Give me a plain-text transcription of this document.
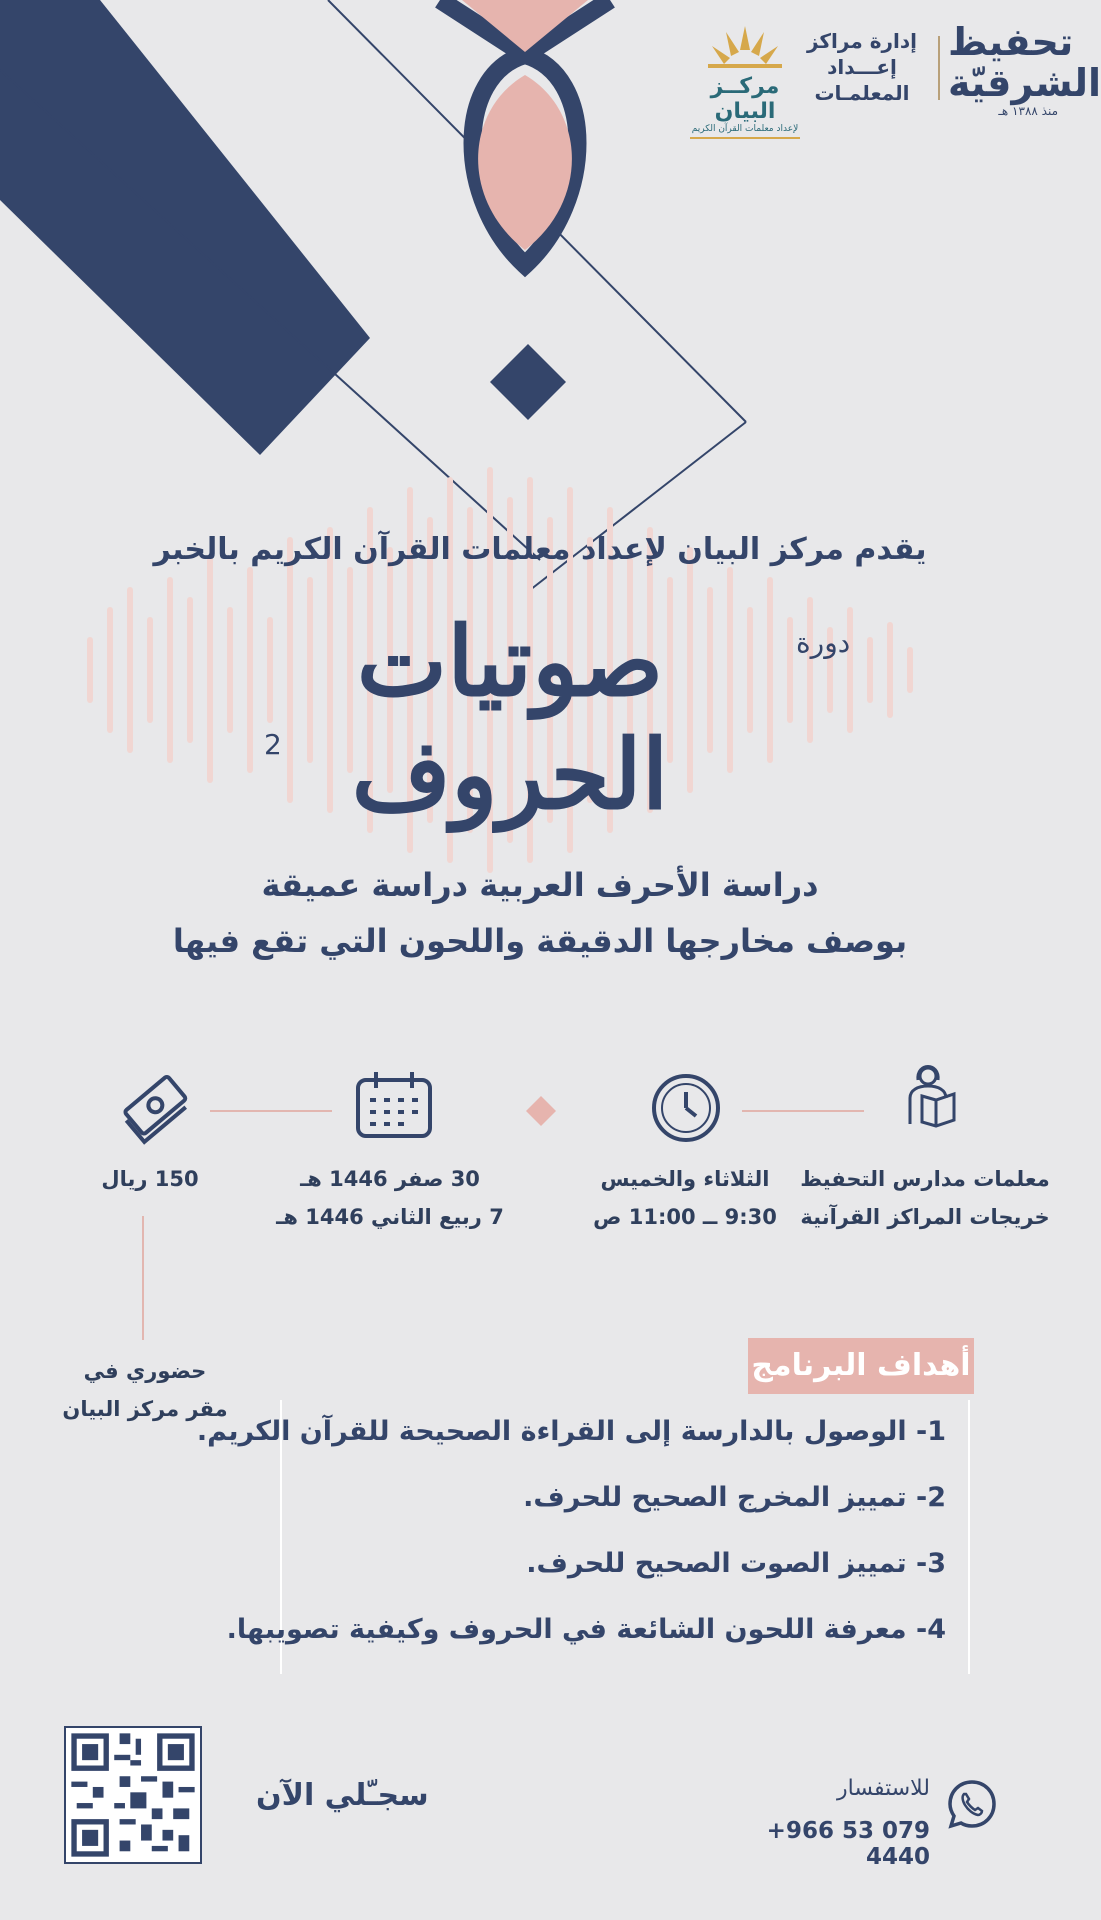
تحفيظ
الشرقيّة
منذ ١٣٨٨ هـ
إدارة مراكز
إعـــداد
المعلمـات
مركــز البيان
لإعداد معلمات القرآن الكريم
يقدم مركز البيان لإعداد معلمات القرآن الكريم بالخبر
دورة
صوتيات الحروف
2
دراسة الأحرف العربية دراسة عميقة
بوصف مخارجها الدقيقة واللحون التي تقع فيها
معلمات مدارس التحفيظ
خريجات المراكز القرآنية
الثلاثاء والخميس
9:30 ــ 11:00 ص
30 صفر 1446 هـ
7 ربيع الثاني 1446 هـ
150 ريال
حضوري في
مقر مركز البيان
أهداف البرنامج
1- الوصول بالدارسة إلى القراءة الصحيحة للقرآن الكريم.
2- تمييز المخرج الصحيح للحرف.
3- تمييز الصوت الصحيح للحرف.
4- معرفة اللحون الشائعة في الحروف وكيفية تصويبها.
سجـّلي الآن	للاستفسار
+966 53 079 4440
